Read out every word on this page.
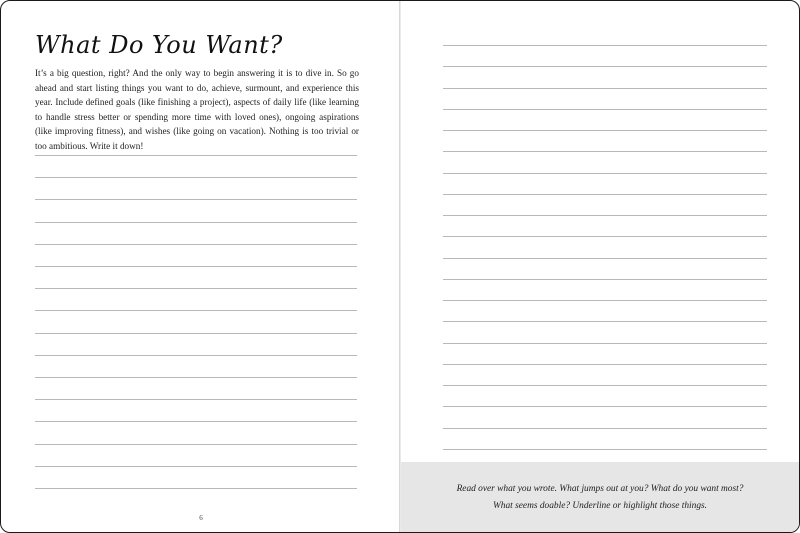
What Do You Want?

It’s a big question, right? And the only way to begin answering it is to dive in. So go ahead and start listing things you want to do, achieve, surmount, and experience this year. Include defined goals (like finishing a project), aspects of daily life (like learning to handle stress better or spending more time with loved ones), ongoing aspirations (like improving fitness), and wishes (like going on vacation). Nothing is too trivial or too ambitious. Write it down!

6

Read over what you wrote. What jumps out at you? What do you want most?
What seems doable? Underline or highlight those things.
